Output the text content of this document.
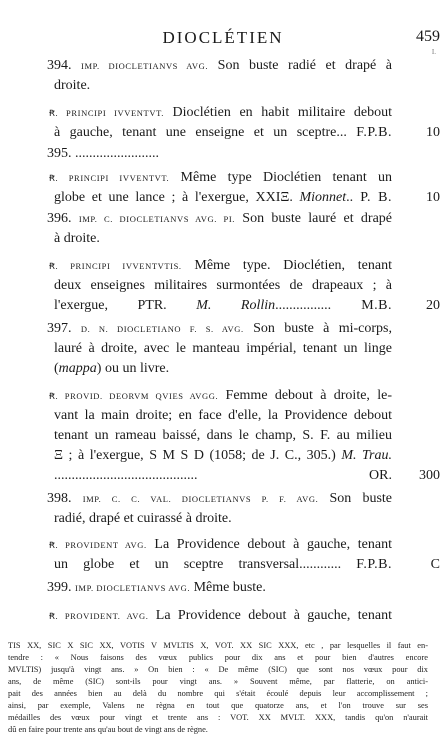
DIOCLÉTIEN	459
I.
394. IMP. DIOCLETIANVS AVG. Son buste radié et drapé à
droite.
Ꞧ. PRINCIPI IVVENTVT. Dioclétien en habit militaire debout
à gauche, tenant une enseigne et un sceptre... F.P.B.	10
395. ........................
Ꞧ. PRINCIPI IVVENTVT. Même type Dioclétien tenant un
globe et une lance ; à l'exergue, XXIΞ. Mionnet.. P. B.	10
396. IMP. C. DIOCLETIANVS AVG. PI. Son buste lauré et drapé
à droite.
Ꞧ. PRINCIPI IVVENTVTIS. Même type. Dioclétien, tenant
deux enseignes militaires surmontées de drapeaux ; à
l'exergue, PTR. M. Rollin................ M.B.	20
397. D. N. DIOCLETIANO F. S. AVG. Son buste à mi-corps,
lauré à droite, avec le manteau impérial, tenant un linge
(mappa) ou un livre.
Ꞧ. PROVID. DEORVM QVIES AVGG. Femme debout à droite, le-
vant la main droite; en face d'elle, la Providence debout
tenant un rameau baissé, dans le champ, S. F. au milieu
Ξ ; à l'exergue, S M S D (1058; de J. C., 305.) M. Trau.
......................................... OR.	300
398. IMP. C. C. VAL. DIOCLETIANVS P. F. AVG. Son buste
radié, drapé et cuirassé à droite.
Ꞧ. PROVIDENT AVG. La Providence debout à gauche, tenant
un globe et un sceptre transversal............ F.P.B.	C
399. IMP. DIOCLETIANVS AVG. Même buste.
Ꞧ. PROVIDENT. AVG. La Providence debout à gauche, tenant
TIS XX, SIC X SIC XX, VOTIS V MVLTIS X, VOT. XX SIC XXX, etc , par lesquelles il faut en-
tendre : « Nous faisons des vœux publics pour dix ans et pour bien d'autres encore
MVLTIS) jusqu'à vingt ans. » On bien : « De même (SIC) que sont nos vœux pour dix
ans, de même (SIC) sont-ils pour vingt ans. » Souvent même, par flatterie, on antici-
pait des années bien au delà du nombre qui s'était écoulé depuis leur accomplissement ;
ainsi, par exemple, Valens ne règna en tout que quatorze ans, et l'on trouve sur ses
médailles des vœux pour vingt et trente ans : VOT. XX MVLT. XXX, tandis qu'on n'aurait
dû en faire pour trente ans qu'au bout de vingt ans de règne.
